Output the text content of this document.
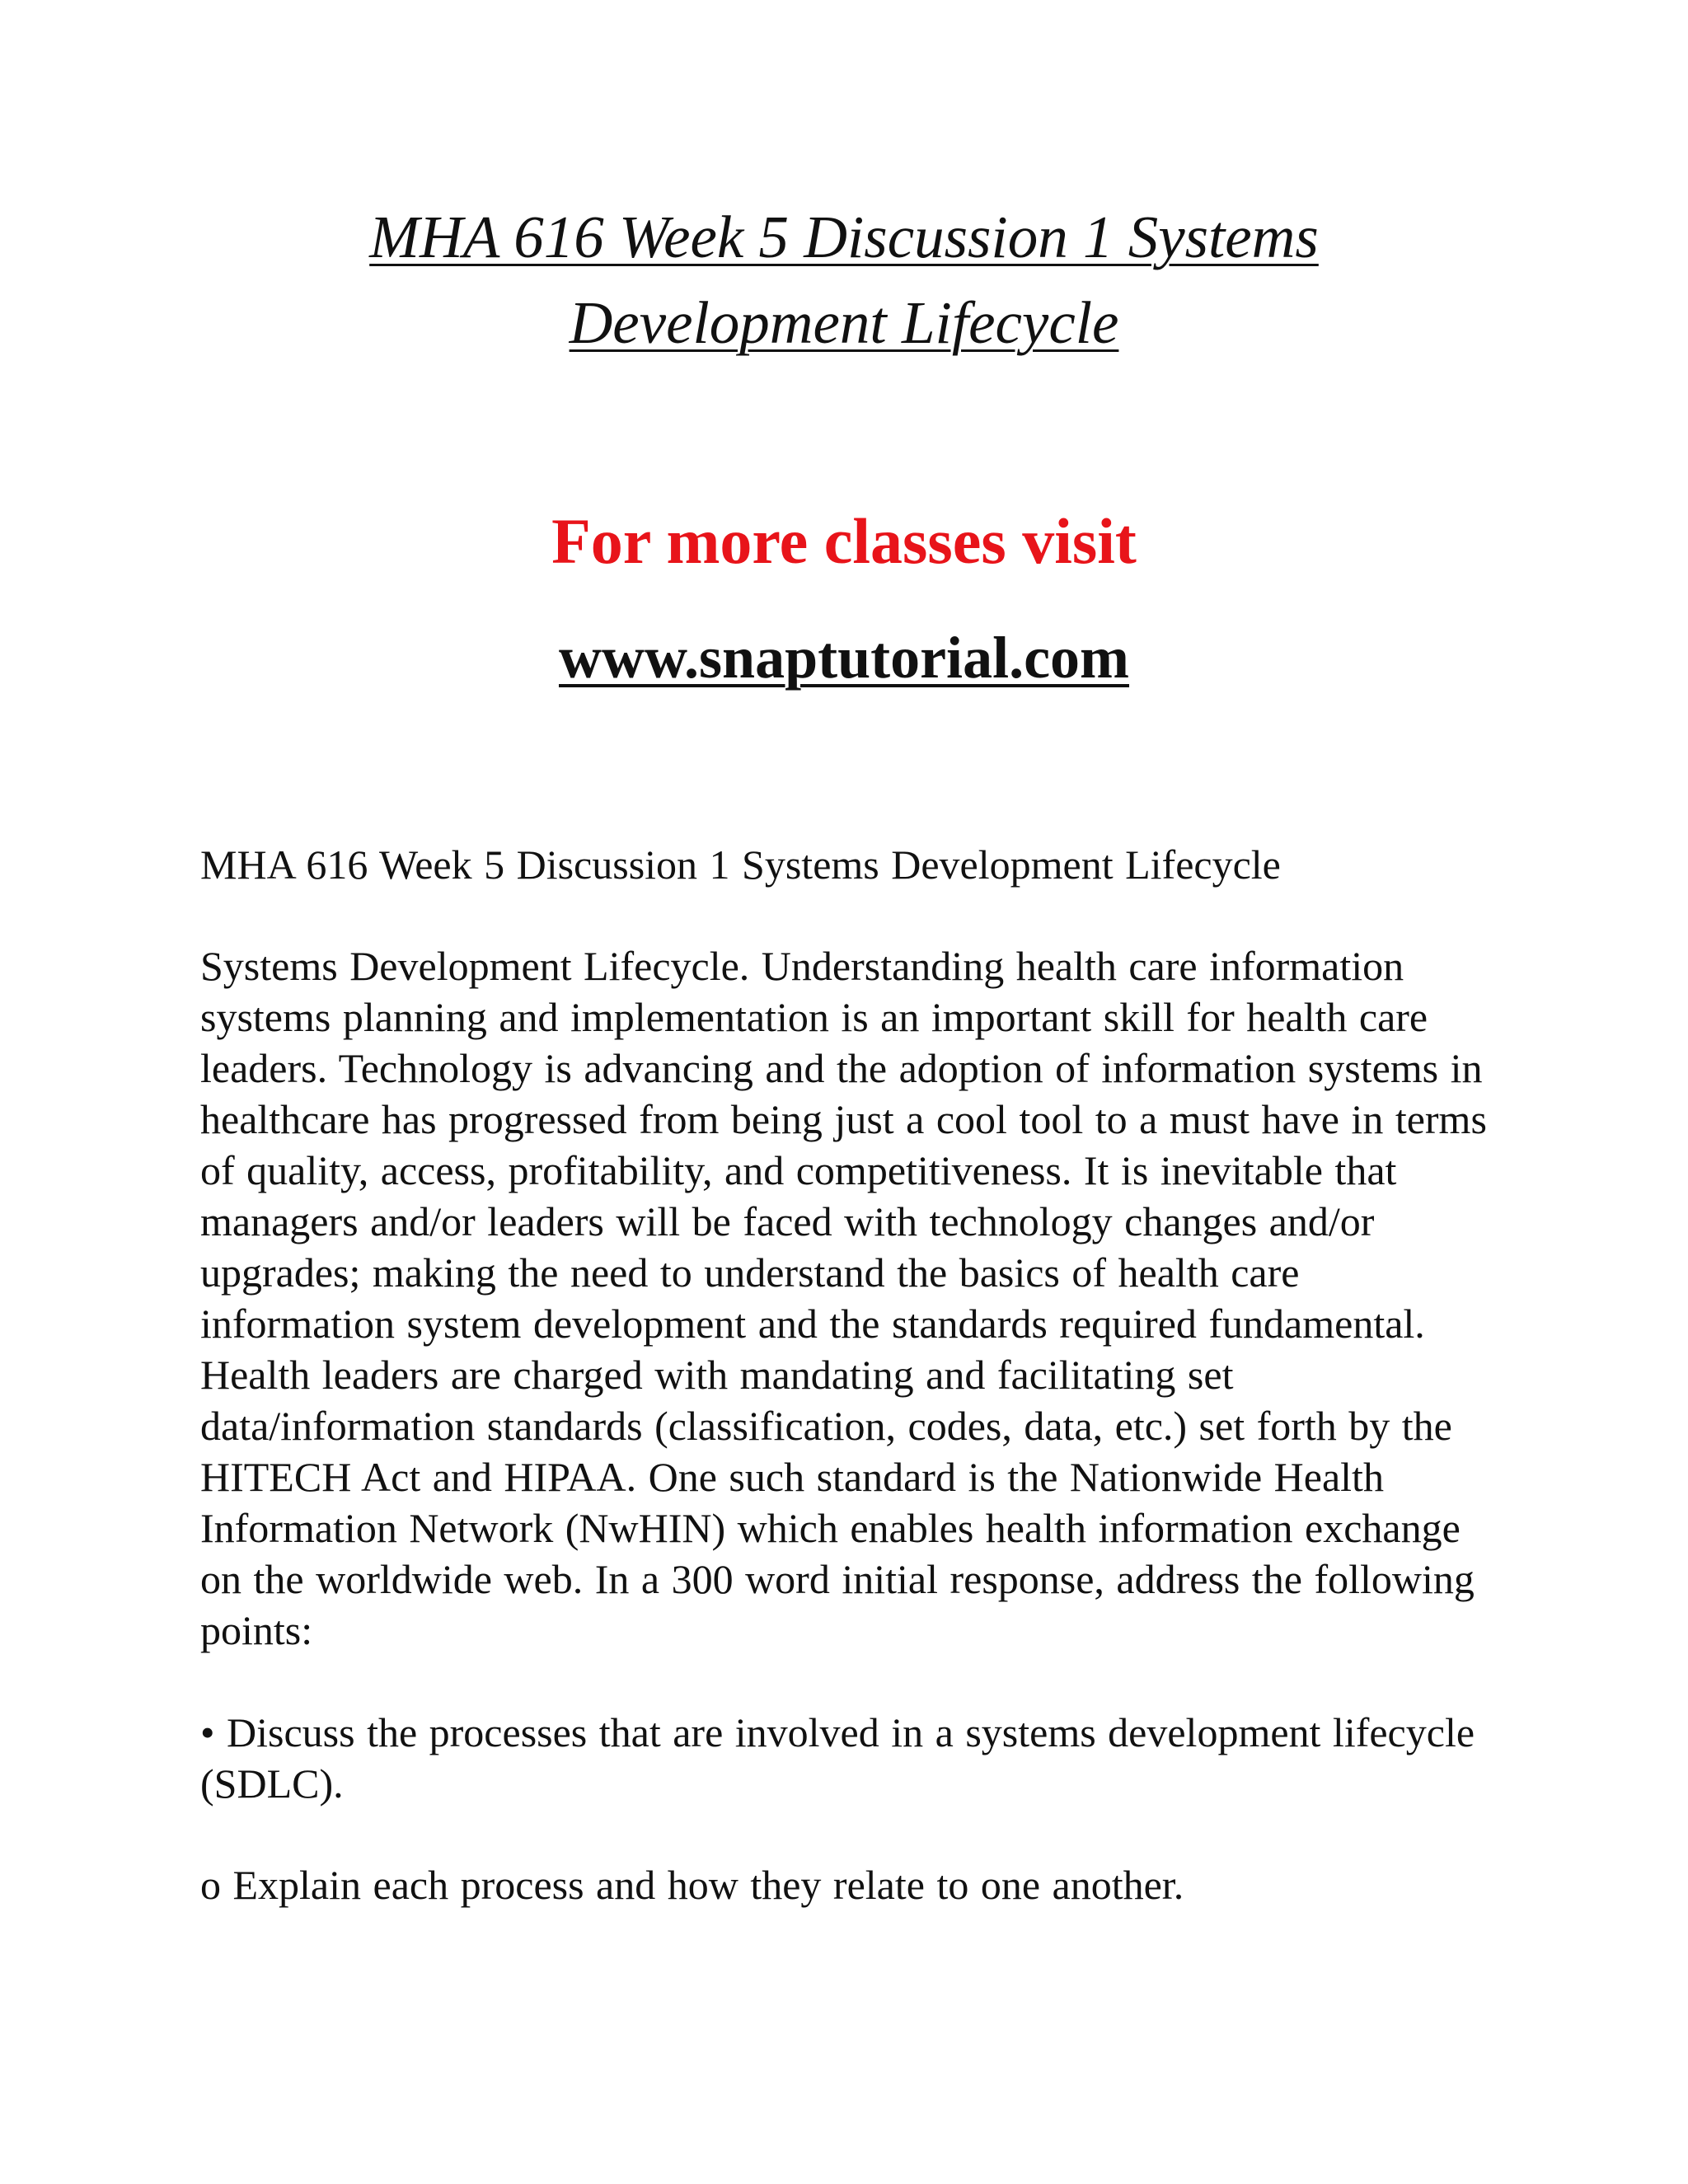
MHA 616 Week 5 Discussion 1 Systems
Development Lifecycle

For more classes visit

www.snaptutorial.com

MHA 616 Week 5 Discussion 1 Systems Development Lifecycle

Systems Development Lifecycle. Understanding health care information systems planning and implementation is an important skill for health care leaders. Technology is advancing and the adoption of information systems in healthcare has progressed from being just a cool tool to a must have in terms of quality, access, profitability, and competitiveness. It is inevitable that managers and/or leaders will be faced with technology changes and/or upgrades; making the need to understand the basics of health care information system development and the standards required fundamental. Health leaders are charged with mandating and facilitating set data/information standards (classification, codes, data, etc.) set forth by the HITECH Act and HIPAA. One such standard is the Nationwide Health Information Network (NwHIN) which enables health information exchange on the worldwide web. In a 300 word initial response, address the following points:

• Discuss the processes that are involved in a systems development lifecycle (SDLC).

o Explain each process and how they relate to one another.
